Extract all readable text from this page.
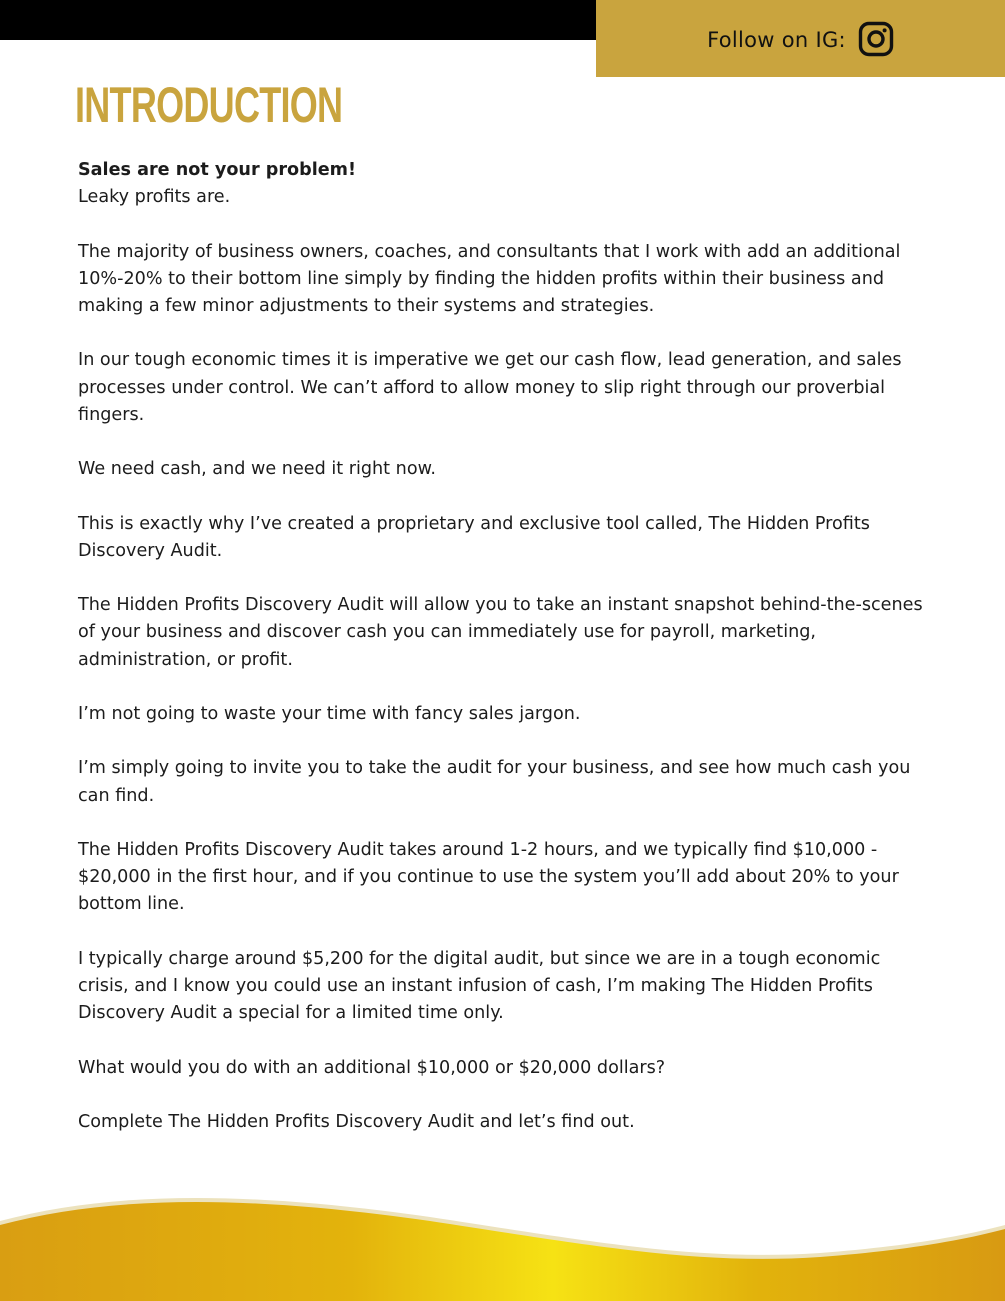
Follow on IG:
INTRODUCTION

Sales are not your problem!
Leaky profits are.

The majority of business owners, coaches, and consultants that I work with add an additional 10%-20% to their bottom line simply by finding the hidden profits within their business and making a few minor adjustments to their systems and strategies.

In our tough economic times it is imperative we get our cash flow, lead generation, and sales processes under control. We can’t afford to allow money to slip right through our proverbial fingers.

We need cash, and we need it right now.

This is exactly why I’ve created a proprietary and exclusive tool called, The Hidden Profits Discovery Audit.

The Hidden Profits Discovery Audit will allow you to take an instant snapshot behind-the-scenes of your business and discover cash you can immediately use for payroll, marketing, administration, or profit.

I’m not going to waste your time with fancy sales jargon.

I’m simply going to invite you to take the audit for your business, and see how much cash you can find.

The Hidden Profits Discovery Audit takes around 1-2 hours, and we typically find $10,000 - $20,000 in the first hour, and if you continue to use the system you’ll add about 20% to your bottom line.

I typically charge around $5,200 for the digital audit, but since we are in a tough economic crisis, and I know you could use an instant infusion of cash, I’m making The Hidden Profits Discovery Audit a special for a limited time only.

What would you do with an additional $10,000 or $20,000 dollars?

Complete The Hidden Profits Discovery Audit and let’s find out.
